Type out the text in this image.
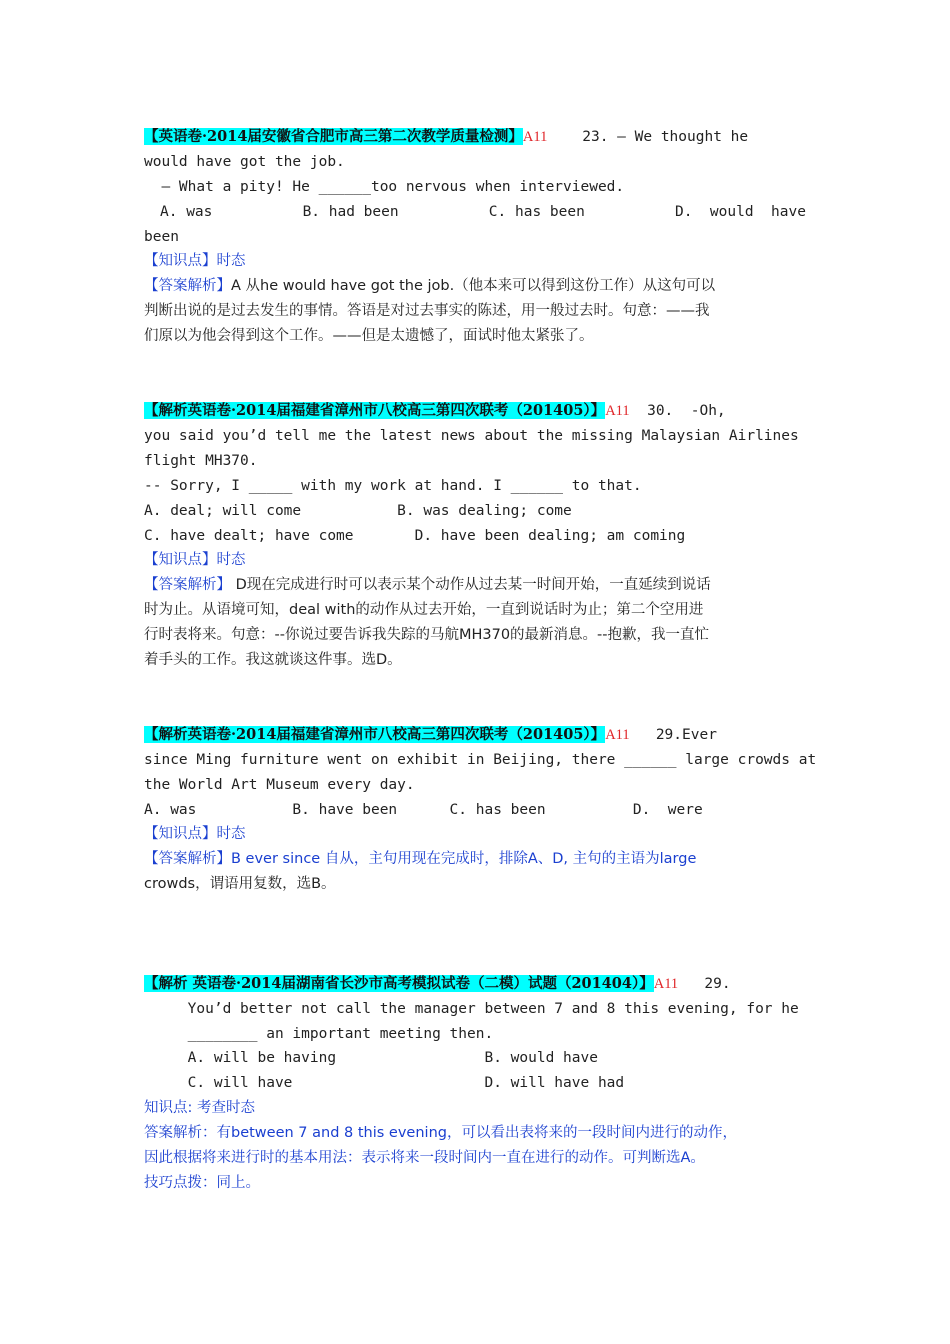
【英语卷·2014届安徽省合肥市高三第二次教学质量检测】A11    23. — We thought he
would have got the job.
— What a pity! He ______too nervous when interviewed.
A. was	B. had been	C. has been	D.  would  have
been
【知识点】时态
【答案解析】A 从he would have got the job.（他本来可以得到这份工作）从这句可以
判断出说的是过去发生的事情。答语是对过去事实的陈述，用一般过去时。句意：——我
们原以为他会得到这个工作。——但是太遗憾了，面试时他太紧张了。
【解析英语卷·2014届福建省漳州市八校高三第四次联考（201405）】A11  30.  -Oh,
you said you’d tell me the latest news about the missing Malaysian Airlines
flight MH370.
-- Sorry, I _____ with my work at hand. I ______ to that.
A. deal; will come           B. was dealing; come
C. have dealt; have come       D. have been dealing; am coming
【知识点】时态
【答案解析】 D现在完成进行时可以表示某个动作从过去某一时间开始，一直延续到说话
时为止。从语境可知，deal with的动作从过去开始，一直到说话时为止；第二个空用进
行时表将来。句意：--你说过要告诉我失踪的马航MH370的最新消息。--抱歉，我一直忙
着手头的工作。我这就谈这件事。选D。
【解析英语卷·2014届福建省漳州市八校高三第四次联考（201405）】A11   29.Ever
since Ming furniture went on exhibit in Beijing, there ______ large crowds at
the World Art Museum every day.
A. was           B. have been      C. has been          D.  were
【知识点】时态
【答案解析】B ever since 自从，主句用现在完成时，排除A、D, 主句的主语为large
crowds，谓语用复数，选B。
【解析 英语卷·2014届湖南省长沙市高考模拟试卷（二模）试题（201404）】A11   29.
You’d better not call the manager between 7 and 8 this evening, for he
________ an important meeting then.
A. will be having                 B. would have
C. will have                      D. will have had
知识点: 考查时态
答案解析：有between 7 and 8 this evening，可以看出表将来的一段时间内进行的动作，
因此根据将来进行时的基本用法：表示将来一段时间内一直在进行的动作。可判断选A。
技巧点拨：同上。
